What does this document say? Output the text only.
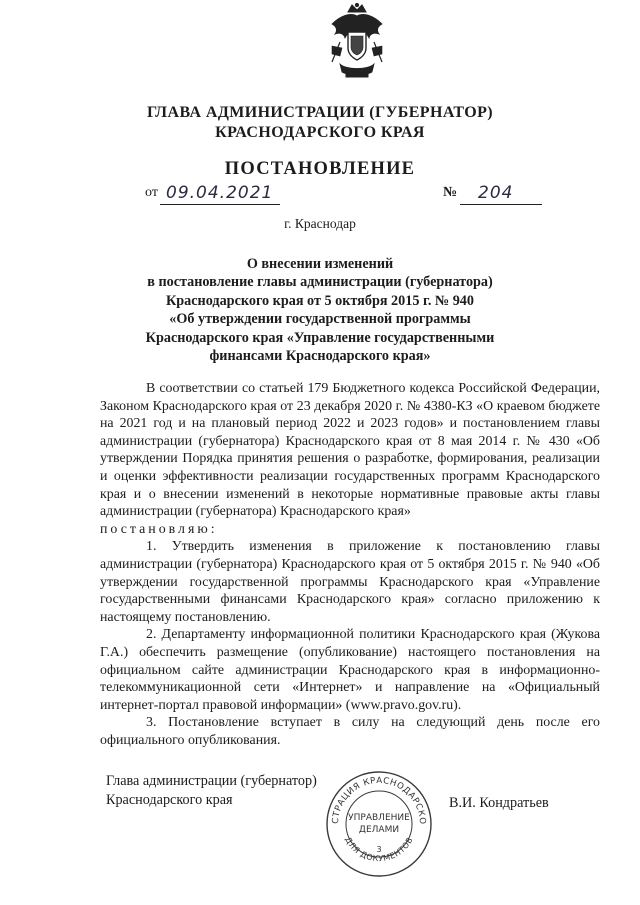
ГЛАВА АДМИНИСТРАЦИИ (ГУБЕРНАТОР)
КРАСНОДАРСКОГО КРАЯ
ПОСТАНОВЛЕНИЕ
от 09.04.2021	№ 204
г. Краснодар
О внесении изменений
в постановление главы администрации (губернатора)
Краснодарского края от 5 октября 2015 г. № 940
«Об утверждении государственной программы
Краснодарского края «Управление государственными
финансами Краснодарского края»

В соответствии со статьей 179 Бюджетного кодекса Российской Федерации, Законом Краснодарского края от 23 декабря 2020 г. № 4380-КЗ «О краевом бюджете на 2021 год и на плановый период 2022 и 2023 годов» и постановлением главы администрации (губернатора) Краснодарского края от 8 мая 2014 г. № 430 «Об утверждении Порядка принятия решения о разработке, формирования, реализации и оценки эффективности реализации государственных программ Краснодарского края и о внесении изменений в некоторые нормативные правовые акты главы администрации (губернатора) Краснодарского края»

постановляю:

1. Утвердить изменения в приложение к постановлению главы администрации (губернатора) Краснодарского края от 5 октября 2015 г. № 940 «Об утверждении государственной программы Краснодарского края «Управление государственными финансами Краснодарского края» согласно приложению к настоящему постановлению.

2. Департаменту информационной политики Краснодарского края (Жукова Г.А.) обеспечить размещение (опубликование) настоящего постановления на официальном сайте администрации Краснодарского края в информационно-телекоммуникационной сети «Интернет» и направление на «Официальный интернет-портал правовой информации» (www.pravo.gov.ru).

3. Постановление вступает в силу на следующий день после его официального опубликования.

Глава администрации (губернатор)
Краснодарского края	В.И. Кондратьев
СТРАЦИЯ КРАСНОДАРСКО
ДЛЯ ДОКУМЕНТОВ
УПРАВЛЕНИЕ
ДЕЛАМИ
3
